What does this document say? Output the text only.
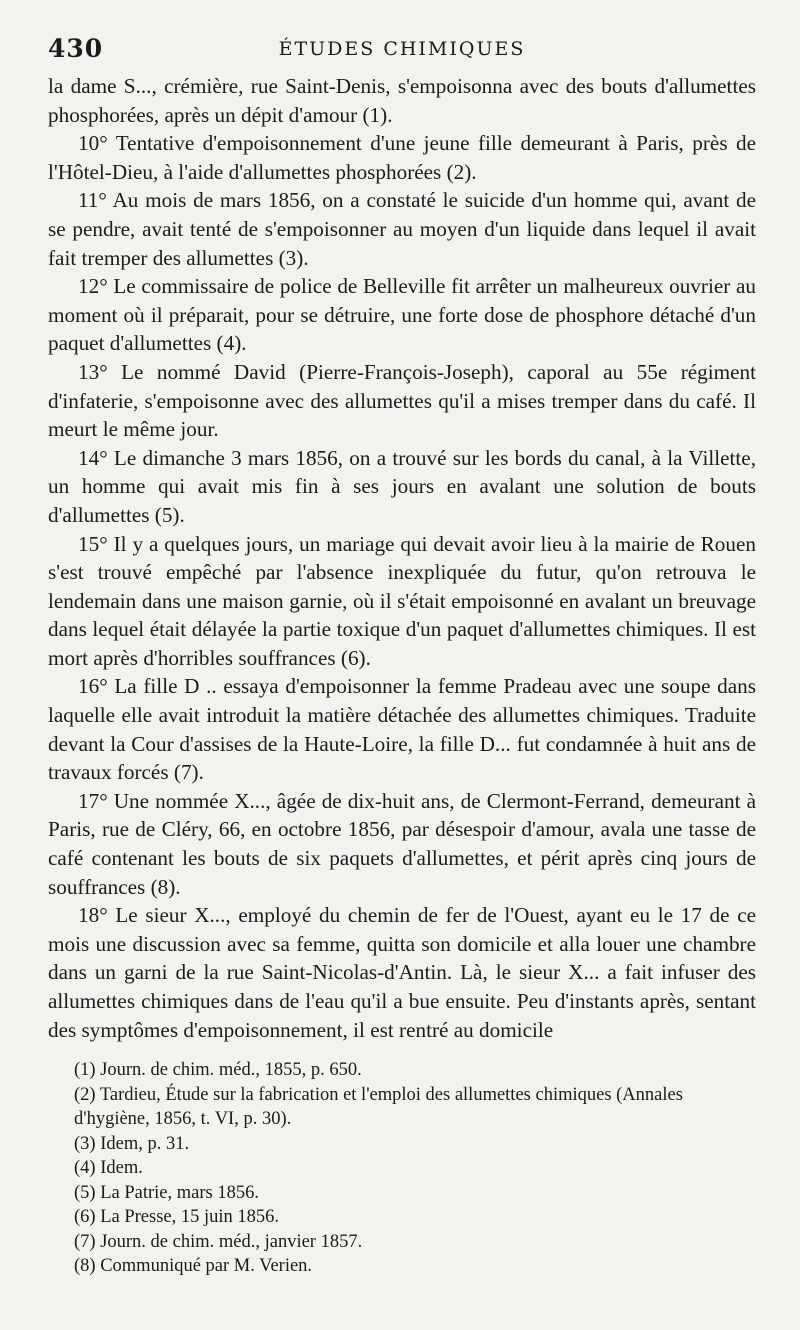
430	ÉTUDES CHIMIQUES

la dame S..., crémière, rue Saint-Denis, s'empoisonna avec des bouts d'allumettes phosphorées, après un dépit d'amour (1).

10° Tentative d'empoisonnement d'une jeune fille demeurant à Paris, près de l'Hôtel-Dieu, à l'aide d'allumettes phosphorées (2).

11° Au mois de mars 1856, on a constaté le suicide d'un homme qui, avant de se pendre, avait tenté de s'empoisonner au moyen d'un liquide dans lequel il avait fait tremper des allumettes (3).

12° Le commissaire de police de Belleville fit arrêter un malheureux ouvrier au moment où il préparait, pour se détruire, une forte dose de phosphore détaché d'un paquet d'allumettes (4).

13° Le nommé David (Pierre-François-Joseph), caporal au 55e régiment d'infaterie, s'empoisonne avec des allumettes qu'il a mises tremper dans du café. Il meurt le même jour.

14° Le dimanche 3 mars 1856, on a trouvé sur les bords du canal, à la Villette, un homme qui avait mis fin à ses jours en avalant une solution de bouts d'allumettes (5).

15° Il y a quelques jours, un mariage qui devait avoir lieu à la mairie de Rouen s'est trouvé empêché par l'absence inexpliquée du futur, qu'on retrouva le lendemain dans une maison garnie, où il s'était empoisonné en avalant un breuvage dans lequel était délayée la partie toxique d'un paquet d'allumettes chimiques. Il est mort après d'horribles souffrances (6).

16° La fille D .. essaya d'empoisonner la femme Pradeau avec une soupe dans laquelle elle avait introduit la matière détachée des allumettes chimiques. Traduite devant la Cour d'assises de la Haute-Loire, la fille D... fut condamnée à huit ans de travaux forcés (7).

17° Une nommée X..., âgée de dix-huit ans, de Clermont-Ferrand, demeurant à Paris, rue de Cléry, 66, en octobre 1856, par désespoir d'amour, avala une tasse de café contenant les bouts de six paquets d'allumettes, et périt après cinq jours de souffrances (8).

18° Le sieur X..., employé du chemin de fer de l'Ouest, ayant eu le 17 de ce mois une discussion avec sa femme, quitta son domicile et alla louer une chambre dans un garni de la rue Saint-Nicolas-d'Antin. Là, le sieur X... a fait infuser des allumettes chimiques dans de l'eau qu'il a bue ensuite. Peu d'instants après, sentant des symptômes d'empoisonnement, il est rentré au domicile

(1) Journ. de chim. méd., 1855, p. 650.

(2) Tardieu, Étude sur la fabrication et l'emploi des allumettes chimiques (Annales d'hygiène, 1856, t. VI, p. 30).

(3) Idem, p. 31.

(4) Idem.

(5) La Patrie, mars 1856.

(6) La Presse, 15 juin 1856.

(7) Journ. de chim. méd., janvier 1857.

(8) Communiqué par M. Verien.
